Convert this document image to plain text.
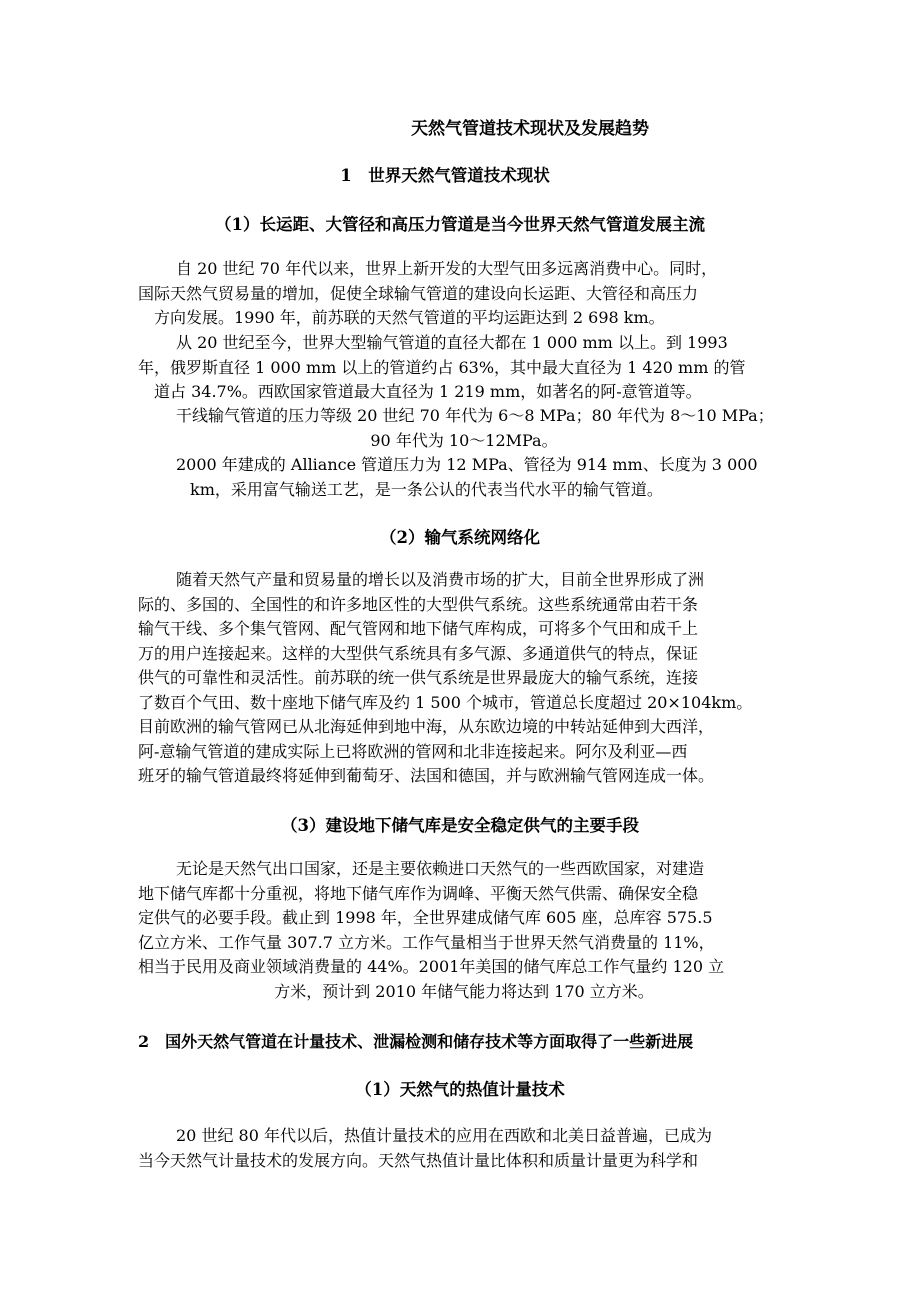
天然气管道技术现状及发展趋势
1　世界天然气管道技术现状
（1）长运距、大管径和高压力管道是当今世界天然气管道发展主流
自 20 世纪 70 年代以来，世界上新开发的大型气田多远离消费中心。同时，
国际天然气贸易量的增加，促使全球输气管道的建设向长运距、大管径和高压力
方向发展。1990 年，前苏联的天然气管道的平均运距达到 2 698 km。
从 20 世纪至今，世界大型输气管道的直径大都在 1 000 mm 以上。到 1993
年，俄罗斯直径 1 000 mm 以上的管道约占 63%，其中最大直径为 1 420 mm 的管
道占 34.7%。西欧国家管道最大直径为 1 219 mm，如著名的阿-意管道等。
干线输气管道的压力等级 20 世纪 70 年代为 6～8 MPa；80 年代为 8～10 MPa；
90 年代为 10～12MPa。
2000 年建成的 Alliance 管道压力为 12 MPa、管径为 914 mm、长度为 3 000
km，采用富气输送工艺，是一条公认的代表当代水平的输气管道。
（2）输气系统网络化
随着天然气产量和贸易量的增长以及消费市场的扩大，目前全世界形成了洲
际的、多国的、全国性的和许多地区性的大型供气系统。这些系统通常由若干条
输气干线、多个集气管网、配气管网和地下储气库构成，可将多个气田和成千上
万的用户连接起来。这样的大型供气系统具有多气源、多通道供气的特点，保证
供气的可靠性和灵活性。前苏联的统一供气系统是世界最庞大的输气系统，连接
了数百个气田、数十座地下储气库及约 1 500 个城市，管道总长度超过 20×104km。
目前欧洲的输气管网已从北海延伸到地中海，从东欧边境的中转站延伸到大西洋，
阿-意输气管道的建成实际上已将欧洲的管网和北非连接起来。阿尔及利亚—西
班牙的输气管道最终将延伸到葡萄牙、法国和德国，并与欧洲输气管网连成一体。
（3）建设地下储气库是安全稳定供气的主要手段
无论是天然气出口国家，还是主要依赖进口天然气的一些西欧国家，对建造
地下储气库都十分重视，将地下储气库作为调峰、平衡天然气供需、确保安全稳
定供气的必要手段。截止到 1998 年，全世界建成储气库 605 座，总库容 575.5
亿立方米、工作气量 307.7 立方米。工作气量相当于世界天然气消费量的 11%，
相当于民用及商业领域消费量的 44%。2001年美国的储气库总工作气量约 120 立
方米，预计到 2010 年储气能力将达到 170 立方米。
2　国外天然气管道在计量技术、泄漏检测和储存技术等方面取得了一些新进展
（1）天然气的热值计量技术
20 世纪 80 年代以后，热值计量技术的应用在西欧和北美日益普遍，已成为
当今天然气计量技术的发展方向。天然气热值计量比体积和质量计量更为科学和
